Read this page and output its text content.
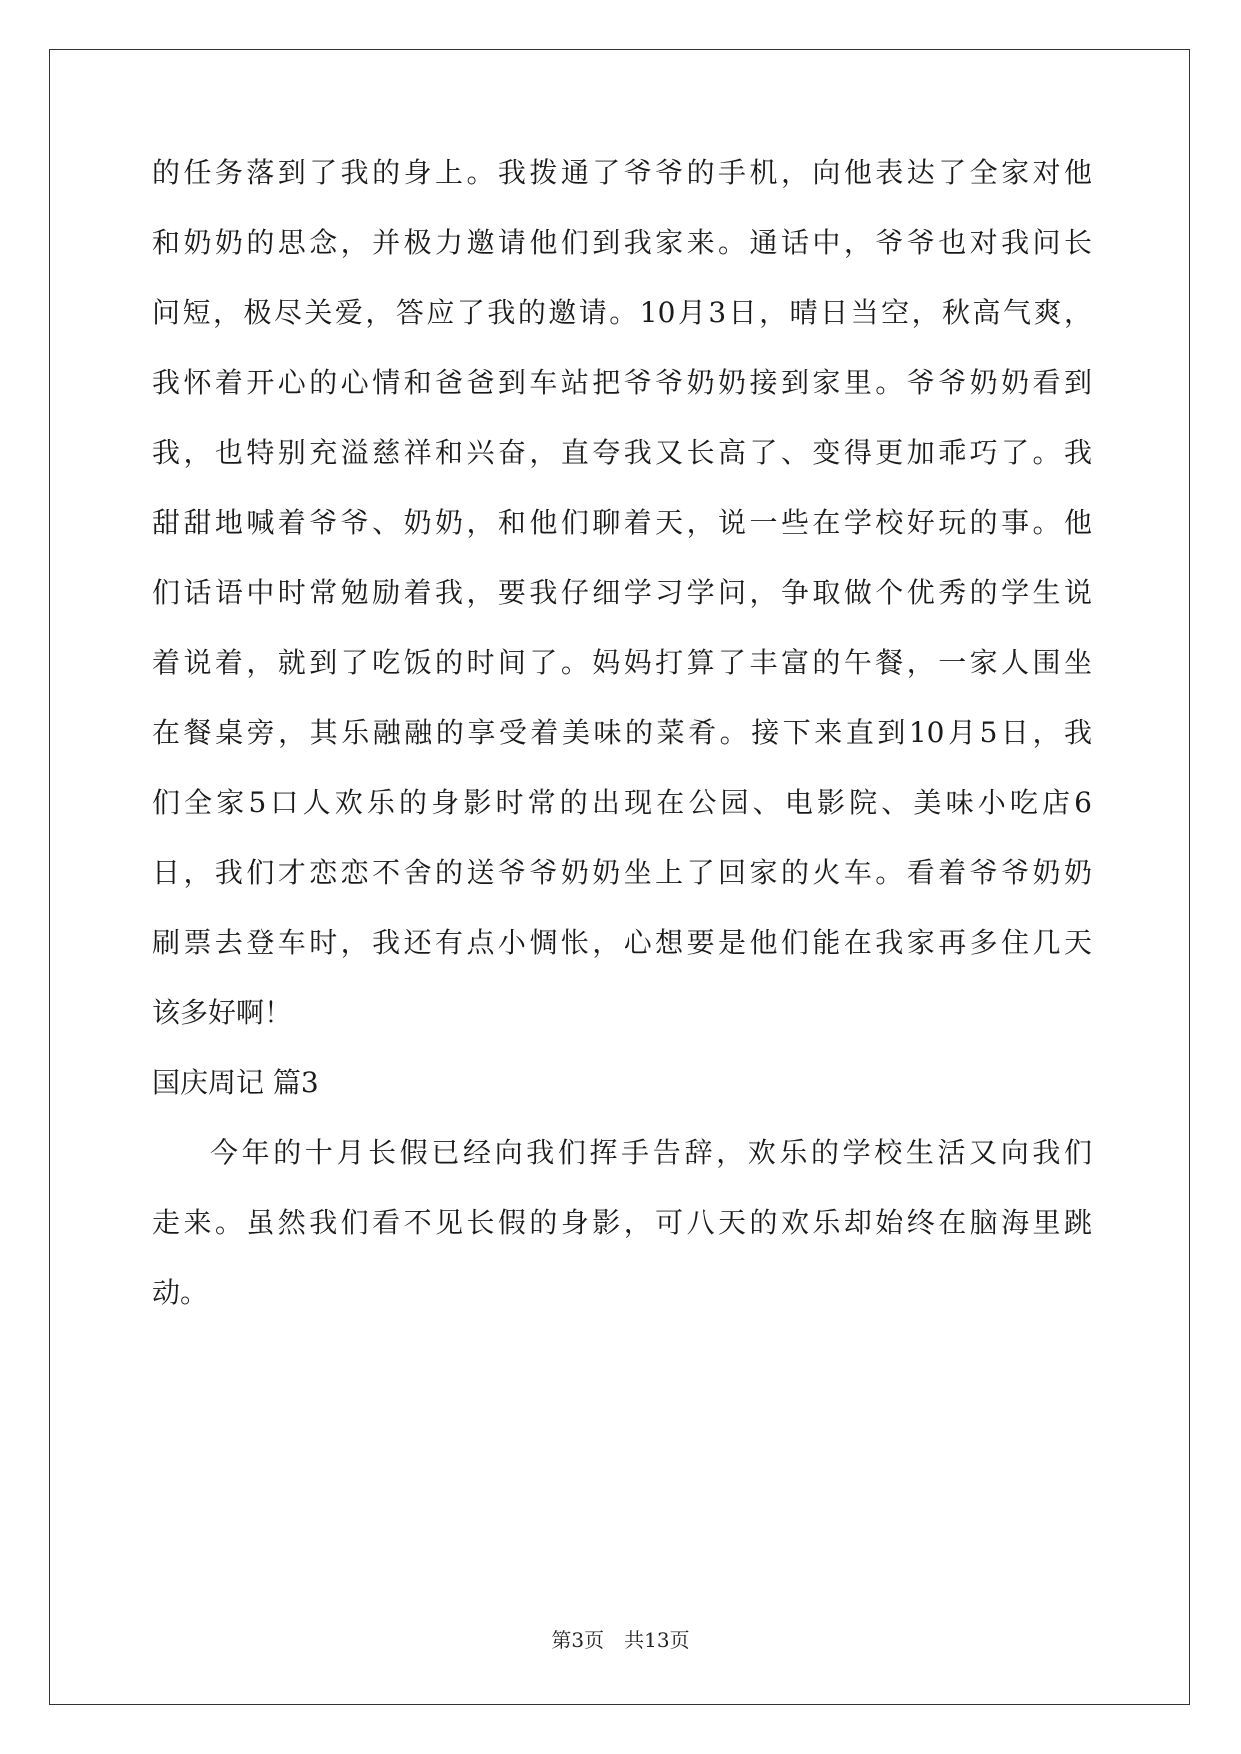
的任务落到了我的身上。我拨通了爷爷的手机，向他表达了全家对他
和奶奶的思念，并极力邀请他们到我家来。通话中，爷爷也对我问长
问短，极尽关爱，答应了我的邀请。10月3日，晴日当空，秋高气爽，
我怀着开心的心情和爸爸到车站把爷爷奶奶接到家里。爷爷奶奶看到
我，也特别充溢慈祥和兴奋，直夸我又长高了、变得更加乖巧了。我
甜甜地喊着爷爷、奶奶，和他们聊着天，说一些在学校好玩的事。他
们话语中时常勉励着我，要我仔细学习学问，争取做个优秀的学生说
着说着，就到了吃饭的时间了。妈妈打算了丰富的午餐，一家人围坐
在餐桌旁，其乐融融的享受着美味的菜肴。接下来直到10月5日，我
们全家5口人欢乐的身影时常的出现在公园、电影院、美味小吃店6
日，我们才恋恋不舍的送爷爷奶奶坐上了回家的火车。看着爷爷奶奶
刷票去登车时，我还有点小惆怅，心想要是他们能在我家再多住几天
该多好啊！
国庆周记 篇3
今年的十月长假已经向我们挥手告辞，欢乐的学校生活又向我们
走来。虽然我们看不见长假的身影，可八天的欢乐却始终在脑海里跳
动。
第3页　共13页
